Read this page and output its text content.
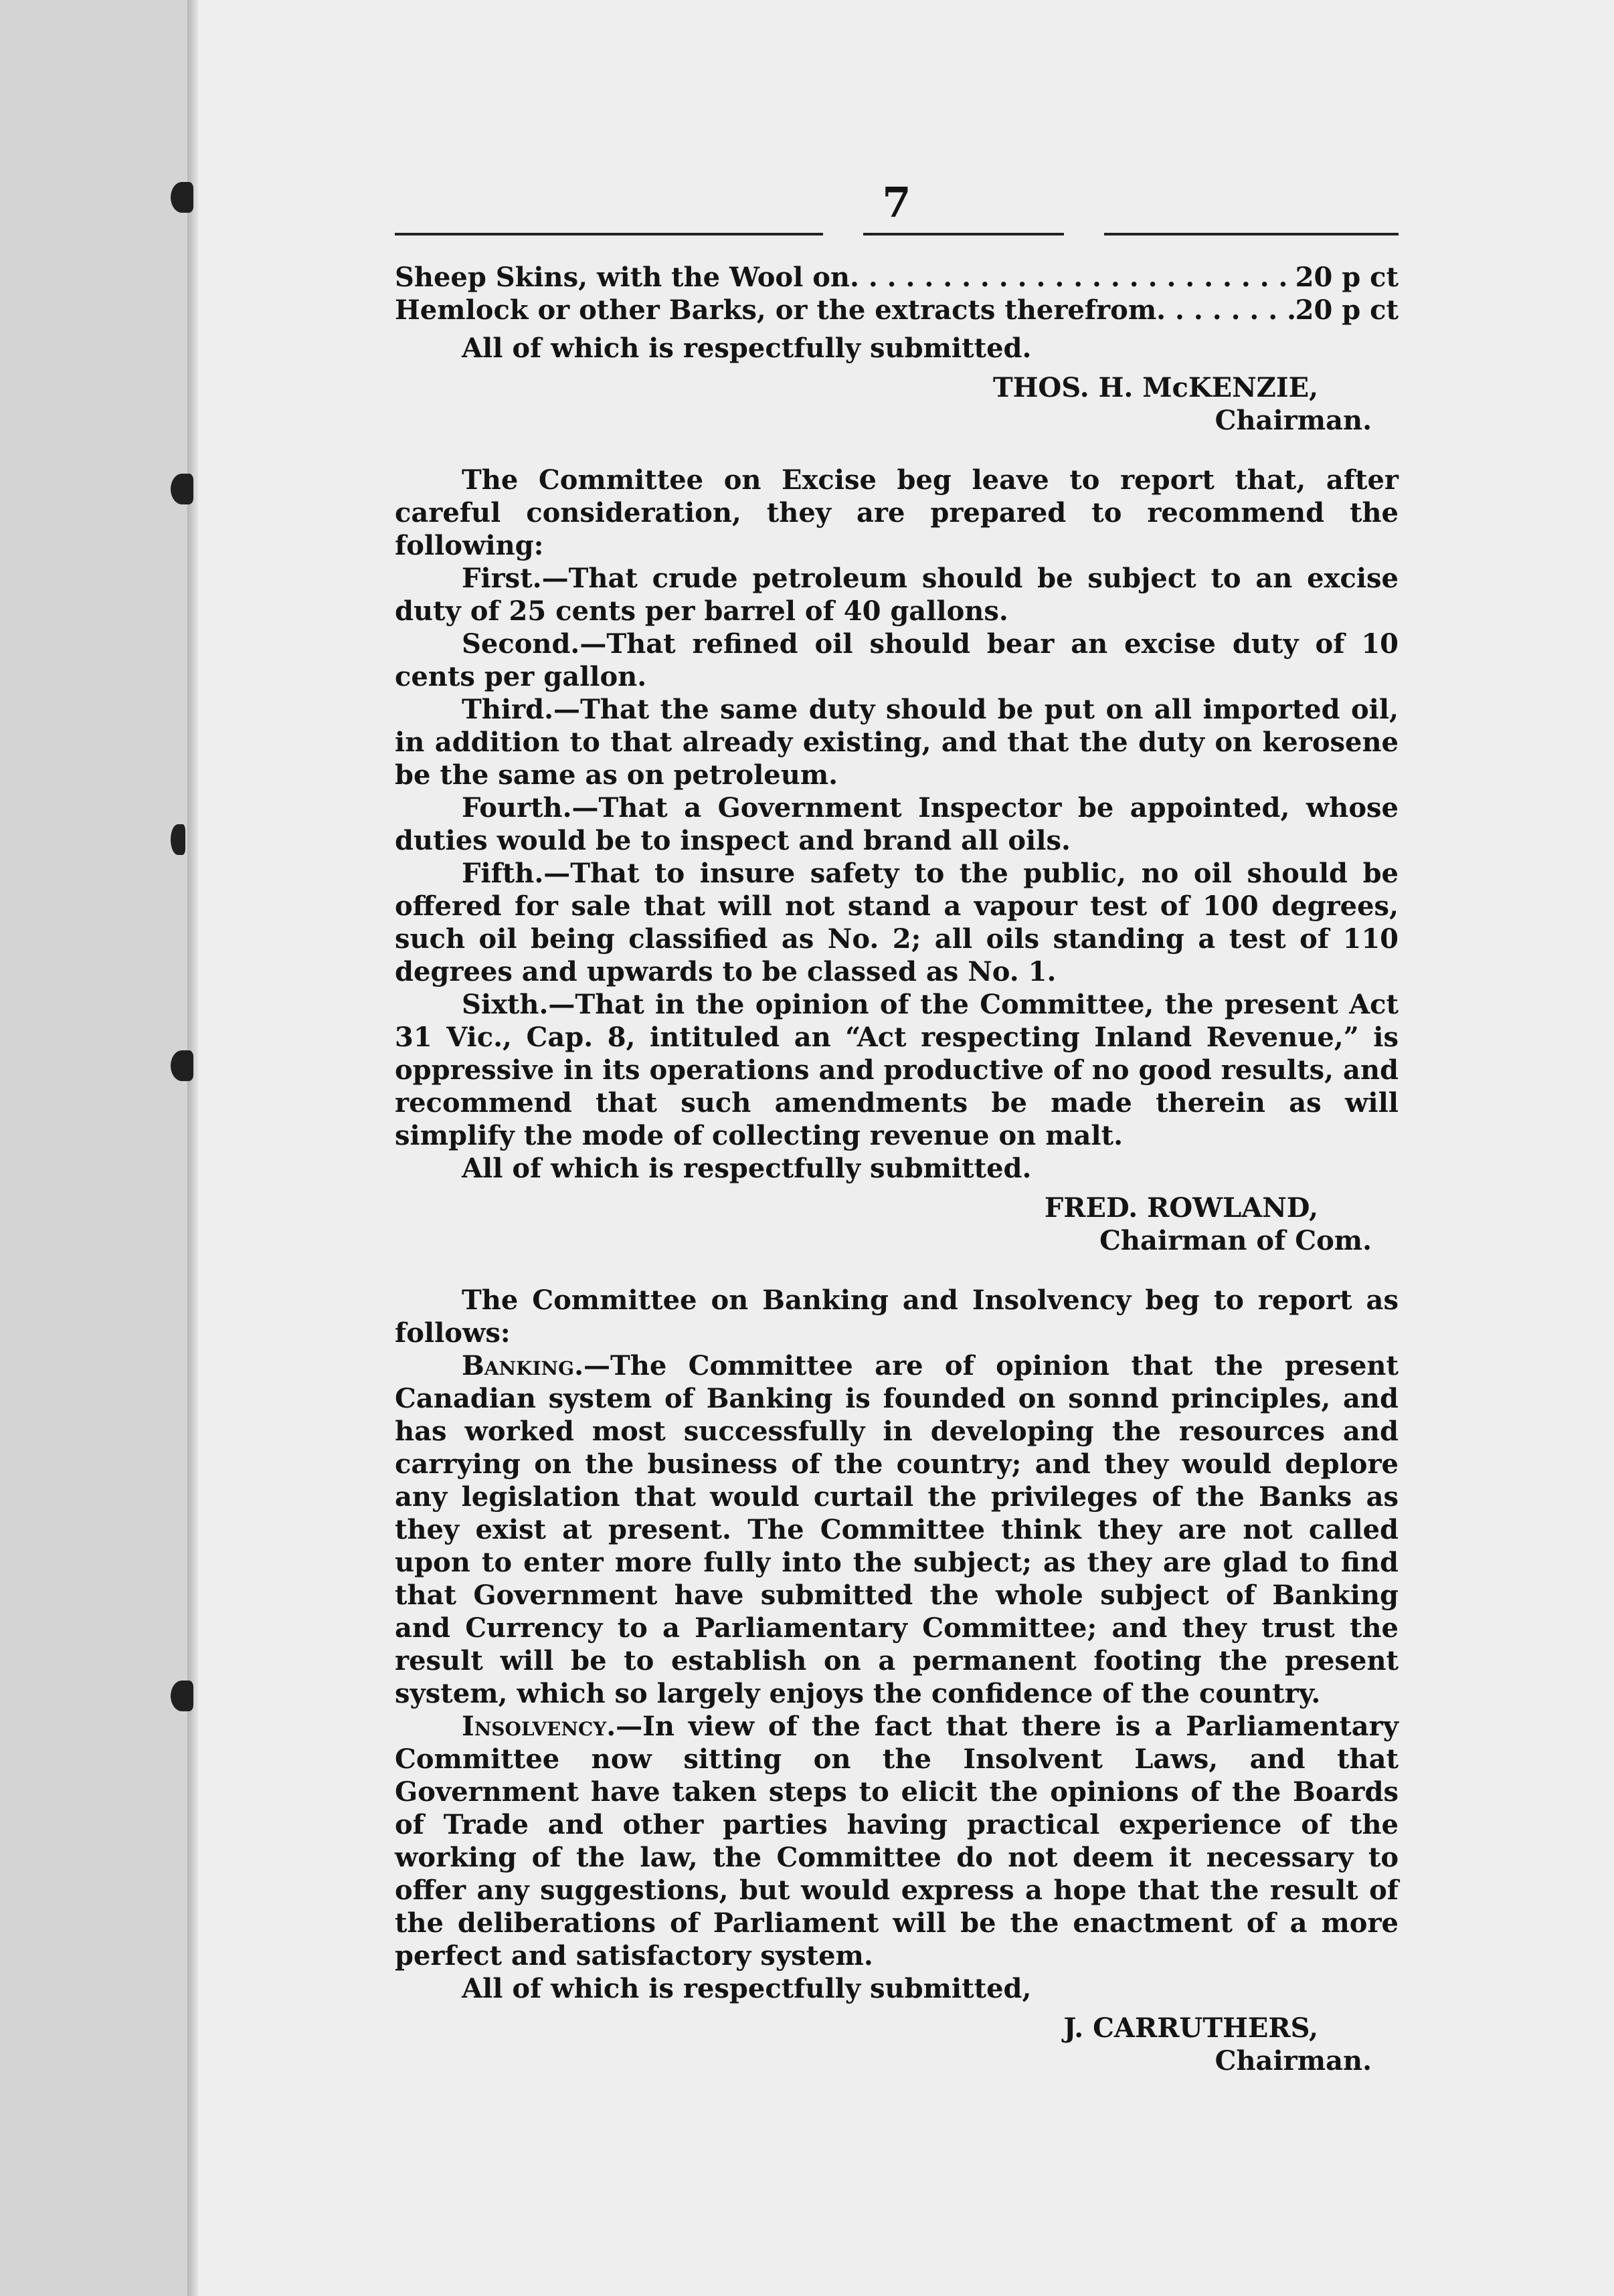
7
Sheep Skins, with the Wool on . . .	20 p ct
Hemlock or other Barks, or the extracts therefrom . . .	20 p ct

All of which is respectfully submitted.

THOS. H. McKENZIE,

Chairman.

The Committee on Excise beg leave to report that, after careful consideration, they are prepared to recommend the following:

First.—That crude petroleum should be subject to an excise duty of 25 cents per barrel of 40 gallons.

Second.—That refined oil should bear an excise duty of 10 cents per gallon.

Third.—That the same duty should be put on all imported oil, in addition to that already existing, and that the duty on kerosene be the same as on petroleum.

Fourth.—That a Government Inspector be appointed, whose duties would be to inspect and brand all oils.

Fifth.—That to insure safety to the public, no oil should be offered for sale that will not stand a vapour test of 100 degrees, such oil being classified as No. 2; all oils standing a test of 110 degrees and upwards to be classed as No. 1.

Sixth.—That in the opinion of the Committee, the present Act 31 Vic., Cap. 8, intituled an “Act respecting Inland Revenue,” is oppressive in its operations and productive of no good results, and recommend that such amendments be made therein as will simplify the mode of collecting revenue on malt.

All of which is respectfully submitted.

FRED. ROWLAND,

Chairman of Com.

The Committee on Banking and Insolvency beg to report as follows:

Banking.—The Committee are of opinion that the present Canadian system of Banking is founded on sonnd principles, and has worked most successfully in developing the resources and carrying on the business of the country; and they would deplore any legislation that would curtail the privileges of the Banks as they exist at present. The Committee think they are not called upon to enter more fully into the subject; as they are glad to find that Government have submitted the whole subject of Banking and Currency to a Parliamentary Committee; and they trust the result will be to establish on a permanent footing the present system, which so largely enjoys the confidence of the country.

Insolvency.—In view of the fact that there is a Parliamentary Committee now sitting on the Insolvent Laws, and that Government have taken steps to elicit the opinions of the Boards of Trade and other parties having practical experience of the working of the law, the Committee do not deem it necessary to offer any suggestions, but would express a hope that the result of the deliberations of Parliament will be the enactment of a more perfect and satisfactory system.

All of which is respectfully submitted,

J. CARRUTHERS,

Chairman.
